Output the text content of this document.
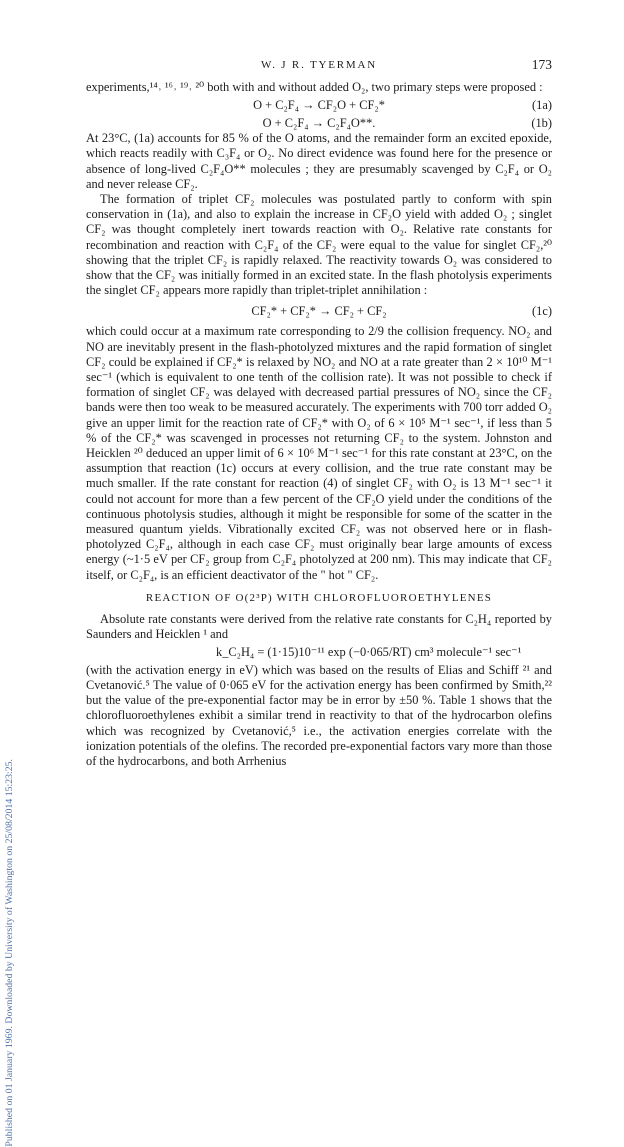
W. J R. TYERMAN	173
Published on 01 January 1969. Downloaded by University of Washington on 25/08/2014 15:23:25.

experiments,¹⁴˒ ¹⁶˒ ¹⁹˒ ²⁰ both with and without added O₂, two primary steps were proposed :

O + C₂F₄ → CF₂O + CF₂*	(1a)
O + C₂F₄ → C₂F₄O**.	(1b)

At 23°C, (1a) accounts for 85 % of the O atoms, and the remainder form an excited epoxide, which reacts readily with C₃F₄ or O₂. No direct evidence was found here for the presence or absence of long-lived C₂F₄O** molecules ; they are presumably scavenged by C₂F₄ or O₂ and never release CF₂.

The formation of triplet CF₂ molecules was postulated partly to conform with spin conservation in (1a), and also to explain the increase in CF₂O yield with added O₂ ; singlet CF₂ was thought completely inert towards reaction with O₂. Relative rate constants for recombination and reaction with C₂F₄ of the CF₂ were equal to the value for singlet CF₂,²⁰ showing that the triplet CF₂ is rapidly relaxed. The reactivity towards O₂ was considered to show that the CF₂ was initially formed in an excited state. In the flash photolysis experiments the singlet CF₂ appears more rapidly than triplet-triplet annihilation :

CF₂* + CF₂* → CF₂ + CF₂	(1c)

which could occur at a maximum rate corresponding to 2/9 the collision frequency. NO₂ and NO are inevitably present in the flash-photolyzed mixtures and the rapid formation of singlet CF₂ could be explained if CF₂* is relaxed by NO₂ and NO at a rate greater than 2 × 10¹⁰ M⁻¹ sec⁻¹ (which is equivalent to one tenth of the collision rate). It was not possible to check if formation of singlet CF₂ was delayed with decreased partial pressures of NO₂ since the CF₂ bands were then too weak to be measured accurately. The experiments with 700 torr added O₂ give an upper limit for the reaction rate of CF₂* with O₂ of 6 × 10⁵ M⁻¹ sec⁻¹, if less than 5 % of the CF₂* was scavenged in processes not returning CF₂ to the system. Johnston and Heicklen ²⁰ deduced an upper limit of 6 × 10⁶ M⁻¹ sec⁻¹ for this rate constant at 23°C, on the assumption that reaction (1c) occurs at every collision, and the true rate constant may be much smaller. If the rate constant for reaction (4) of singlet CF₂ with O₂ is 13 M⁻¹ sec⁻¹ it could not account for more than a few percent of the CF₂O yield under the conditions of the continuous photolysis studies, although it might be responsible for some of the scatter in the measured quantum yields. Vibrationally excited CF₂ was not observed here or in flash-photolyzed C₂F₄, although in each case CF₂ must originally bear large amounts of excess energy (~1·5 eV per CF₂ group from C₂F₄ photolyzed at 200 nm). This may indicate that CF₂ itself, or C₂F₄, is an efficient deactivator of the " hot " CF₂.

REACTION OF O(2³P) WITH CHLOROFLUOROETHYLENES

Absolute rate constants were derived from the relative rate constants for C₂H₄ reported by Saunders and Heicklen ¹ and

k_C₂H₄ = (1·15)10⁻¹¹ exp (−0·065/RT) cm³ molecule⁻¹ sec⁻¹

(with the activation energy in eV) which was based on the results of Elias and Schiff ²¹ and Cvetanović.⁵ The value of 0·065 eV for the activation energy has been confirmed by Smith,²² but the value of the pre-exponential factor may be in error by ±50 %. Table 1 shows that the chlorofluoroethylenes exhibit a similar trend in reactivity to that of the hydrocarbon olefins which was recognized by Cvetanović,⁵ i.e., the activation energies correlate with the ionization potentials of the olefins. The recorded pre-exponential factors vary more than those of the hydrocarbons, and both Arrhenius
